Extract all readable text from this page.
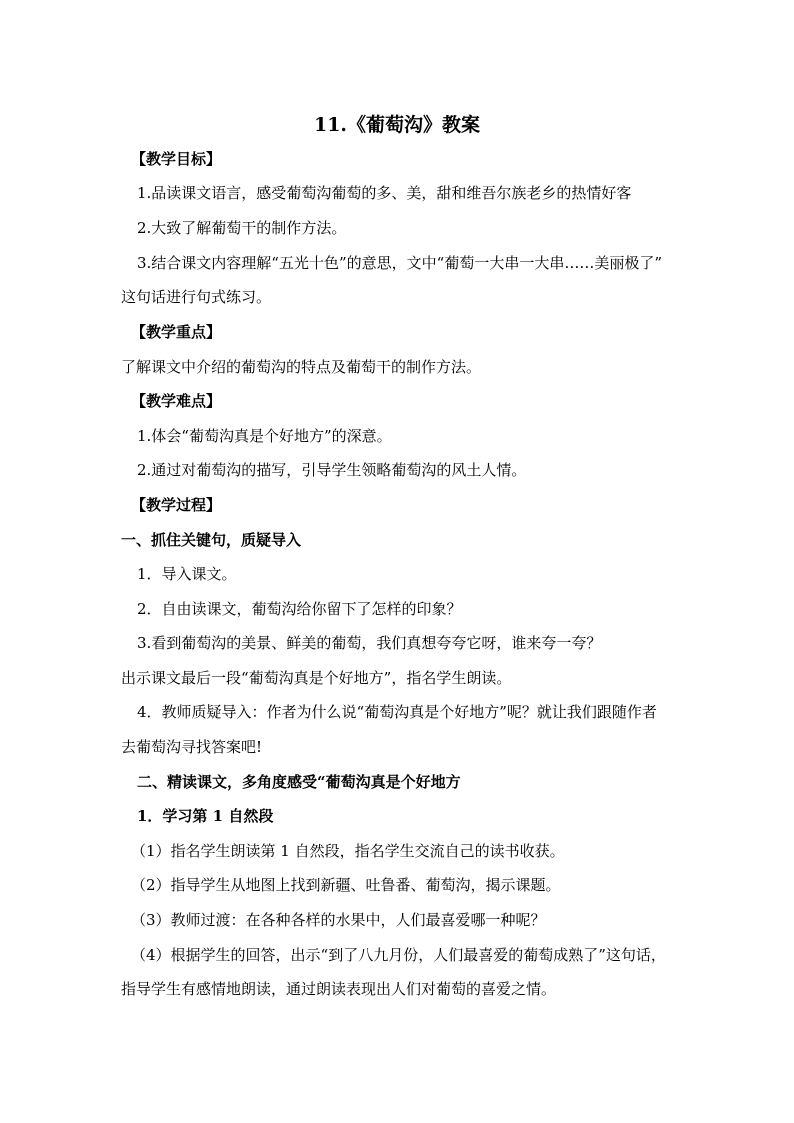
11.《葡萄沟》教案
【教学目标】
1.品读课文语言，感受葡萄沟葡萄的多、美，甜和维吾尔族老乡的热情好客
2.大致了解葡萄干的制作方法。
3.结合课文内容理解“五光十色”的意思，文中“葡萄一大串一大串……美丽极了”
这句话进行句式练习。
【教学重点】
了解课文中介绍的葡萄沟的特点及葡萄干的制作方法。
【教学难点】
1.体会“葡萄沟真是个好地方”的深意。
2.通过对葡萄沟的描写，引导学生领略葡萄沟的风土人情。
【教学过程】
一、抓住关键句，质疑导入
1．导入课文。
2．自由读课文，葡萄沟给你留下了怎样的印象？
3.看到葡萄沟的美景、鲜美的葡萄，我们真想夸夸它呀，谁来夸一夸？
出示课文最后一段“葡萄沟真是个好地方”，指名学生朗读。
4．教师质疑导入：作者为什么说“葡萄沟真是个好地方”呢？就让我们跟随作者
去葡萄沟寻找答案吧!
二、精读课文，多角度感受“葡萄沟真是个好地方
1．学习第 1 自然段
（1）指名学生朗读第 1 自然段，指名学生交流自己的读书收获。
（2）指导学生从地图上找到新疆、吐鲁番、葡萄沟，揭示课题。
（3）教师过渡：在各种各样的水果中，人们最喜爱哪一种呢？
（4）根据学生的回答，出示“到了八九月份，人们最喜爱的葡萄成熟了”这句话，
指导学生有感情地朗读，通过朗读表现出人们对葡萄的喜爱之情。
